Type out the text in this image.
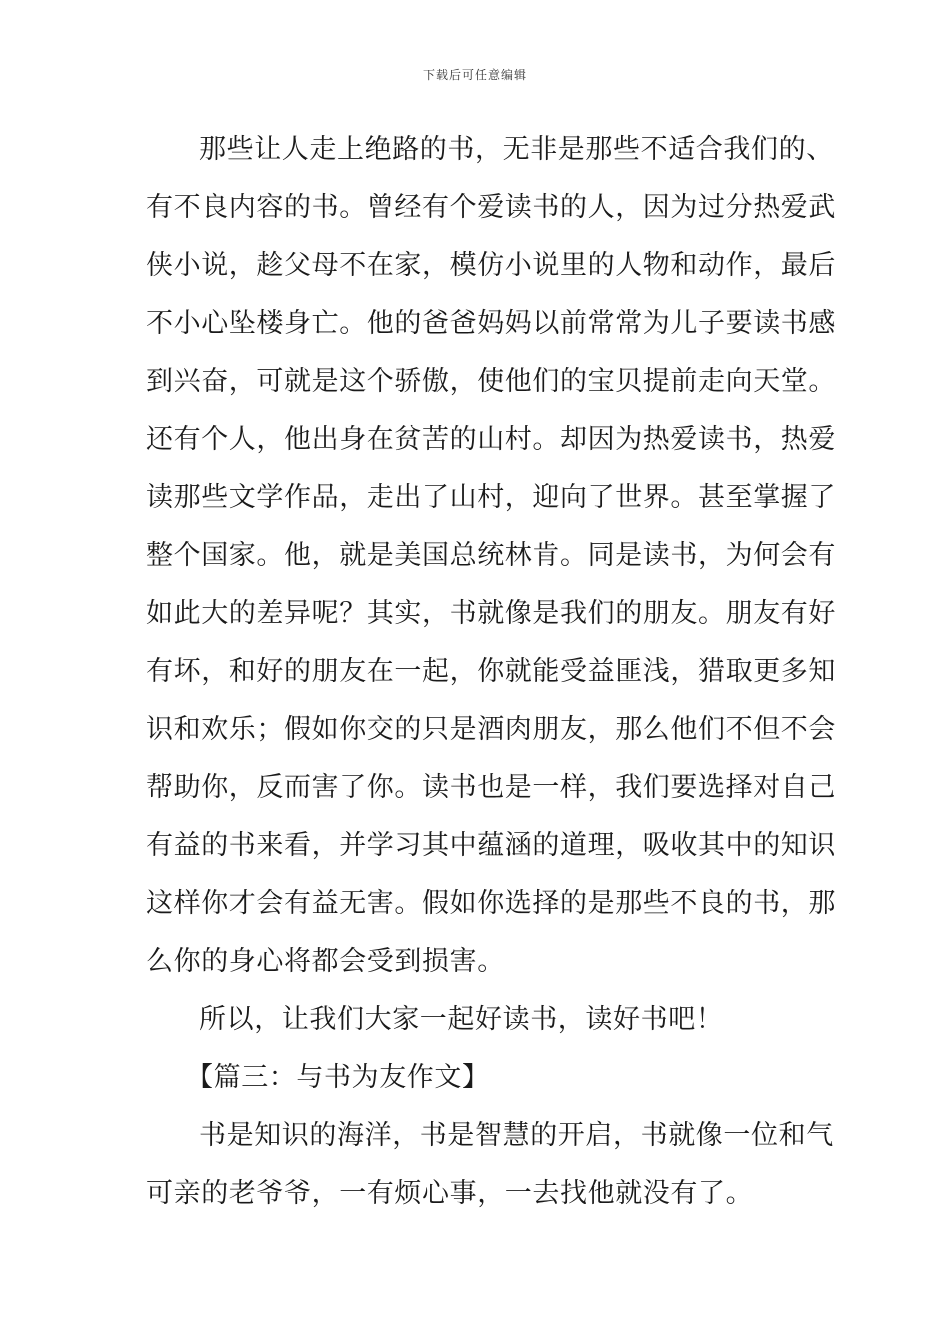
下载后可任意编辑
那些让人走上绝路的书，无非是那些不适合我们的、
有不良内容的书。曾经有个爱读书的人，因为过分热爱武
侠小说，趁父母不在家，模仿小说里的人物和动作，最后
不小心坠楼身亡。他的爸爸妈妈以前常常为儿子要读书感
到兴奋，可就是这个骄傲，使他们的宝贝提前走向天堂。
还有个人，他出身在贫苦的山村。却因为热爱读书，热爱
读那些文学作品，走出了山村，迎向了世界。甚至掌握了
整个国家。他，就是美国总统林肯。同是读书，为何会有
如此大的差异呢？其实，书就像是我们的朋友。朋友有好
有坏，和好的朋友在一起，你就能受益匪浅，猎取更多知
识和欢乐；假如你交的只是酒肉朋友，那么他们不但不会
帮助你，反而害了你。读书也是一样，我们要选择对自己
有益的书来看，并学习其中蕴涵的道理，吸收其中的知识
这样你才会有益无害。假如你选择的是那些不良的书，那
么你的身心将都会受到损害。
所以，让我们大家一起好读书，读好书吧！
【篇三：与书为友作文】
书是知识的海洋，书是智慧的开启，书就像一位和气
可亲的老爷爷，一有烦心事，一去找他就没有了。
